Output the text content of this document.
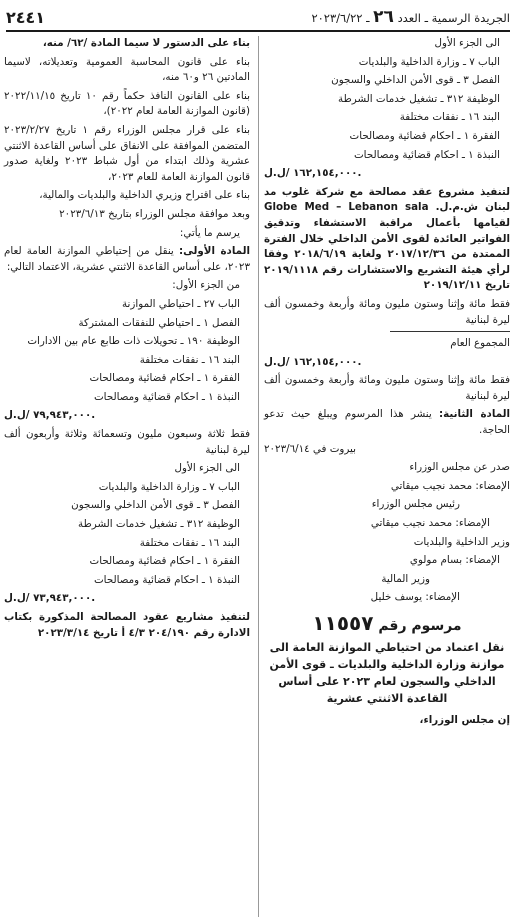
الجريدة الرسمية ـ العدد ٢٦ ـ ٢٠٢٣/٦/٢٢
٢٤٤١

الى الجزء الأول

الباب ٧ ـ وزارة الداخلية والبلديات

الفصل ٣ ـ قوى الأمن الداخلي والسجون

الوظيفة ٣١٢ ـ تشغيل خدمات الشرطة

البند ١٦ ـ نفقات مختلفة

الفقرة ١ ـ احكام قضائية ومصالحات

النبذة ١ ـ احكام قضائية ومصالحات

١٦٢,١٥٤,٠٠٠ /ل.ل.

لتنفيذ مشروع عقد مصالحة مع شركة غلوب مد لبنان ش.م.ل. Globe Med – Lebanon sala لقيامها بأعمال مراقبة الاستشفاء وتدقيق الفواتير العائدة لقوى الأمن الداخلي خلال الفترة الممتدة من ٢٠١٧/١٢/٣٦ ولغاية ٢٠١٨/٦/١٩ وفقا لرأي هيئة التشريع والاستشارات رقم ٢٠١٩/١١١٨ تاريخ ٢٠١٩/١٢/١١

فقط مائة وإثنا وستون مليون ومائة وأربعة وخمسون ألف ليرة لبنانية

المجموع العام

١٦٢,١٥٤,٠٠٠ /ل.ل.

فقط مائة وإثنا وستون مليون ومائة وأربعة وخمسون ألف ليرة لبنانية

المادة الثانية: ينشر هذا المرسوم ويبلغ حيث تدعو الحاجة.

بيروت في ٢٠٢٣/٦/١٤

صدر عن مجلس الوزراء

الإمضاء: محمد نجيب ميقاتي

رئيس مجلس الوزراء

الإمضاء: محمد نجيب ميقاتي

وزير الداخلية والبلديات

الإمضاء: بسام مولوي

وزير المالية

الإمضاء: يوسف خليل

مرسوم رقم ١١٥٥٧

نقل اعتماد من احتياطي الموازنة العامة الى موازنة وزارة الداخلية والبلديات ـ قوى الأمن الداخلي والسجون لعام ٢٠٢٣ على أساس القاعدة الاثنتي عشرية

إن مجلس الوزراء،

بناء على الدستور لا سيما المادة /٦٢/ منه،

بناء على قانون المحاسبة العمومية وتعديلاته، لاسيما المادتين ٢٦ و٦٠ منه،

بناء على القانون النافذ حكماً رقم ١٠ تاريخ ٢٠٢٢/١١/١٥ (قانون الموازنة العامة لعام ٢٠٢٢)،

بناء على قرار مجلس الوزراء رقم ١ تاريخ ٢٠٢٣/٢/٢٧ المتضمن الموافقة على الانفاق على أساس القاعدة الاثنتي عشرية وذلك ابتداء من أول شباط ٢٠٢٣ ولغاية صدور قانون الموازنة العامة للعام ٢٠٢٣،

بناء على اقتراح وزيري الداخلية والبلديات والمالية،

وبعد موافقة مجلس الوزراء بتاريخ ٢٠٢٣/٦/١٣

يرسم ما يأتي:

المادة الأولى: ينقل من إحتياطي الموازنة العامة لعام ٢٠٢٣، على أساس القاعدة الاثنتي عشرية، الاعتماد التالي:

من الجزء الأول:

الباب ٢٧ ـ احتياطي الموازنة

الفصل ١ ـ احتياطي للنفقات المشتركة

الوظيفة ١٩٠ ـ تحويلات ذات طابع عام بين الادارات

البند ١٦ ـ نفقات مختلفة

الفقرة ١ ـ احكام قضائية ومصالحات

النبذة ١ ـ احكام قضائية ومصالحات

٧٩,٩٤٣,٠٠٠ /ل.ل.

فقط ثلاثة وسبعون مليون وتسعمائة وثلاثة وأربعون ألف ليرة لبنانية

الى الجزء الأول

الباب ٧ ـ وزارة الداخلية والبلديات

الفصل ٣ ـ قوى الأمن الداخلي والسجون

الوظيفة ٣١٢ ـ تشغيل خدمات الشرطة

البند ١٦ ـ نفقات مختلفة

الفقرة ١ ـ احكام قضائية ومصالحات

النبذة ١ ـ احكام قضائية ومصالحات

٧٣,٩٤٣,٠٠٠ /ل.ل.

لتنفيذ مشاريع عقود المصالحة المذكورة بكتاب الادارة رقم ٢٠٤/١٩٠ ٤/٣ أ تاريخ ٢٠٢٣/٣/١٤
